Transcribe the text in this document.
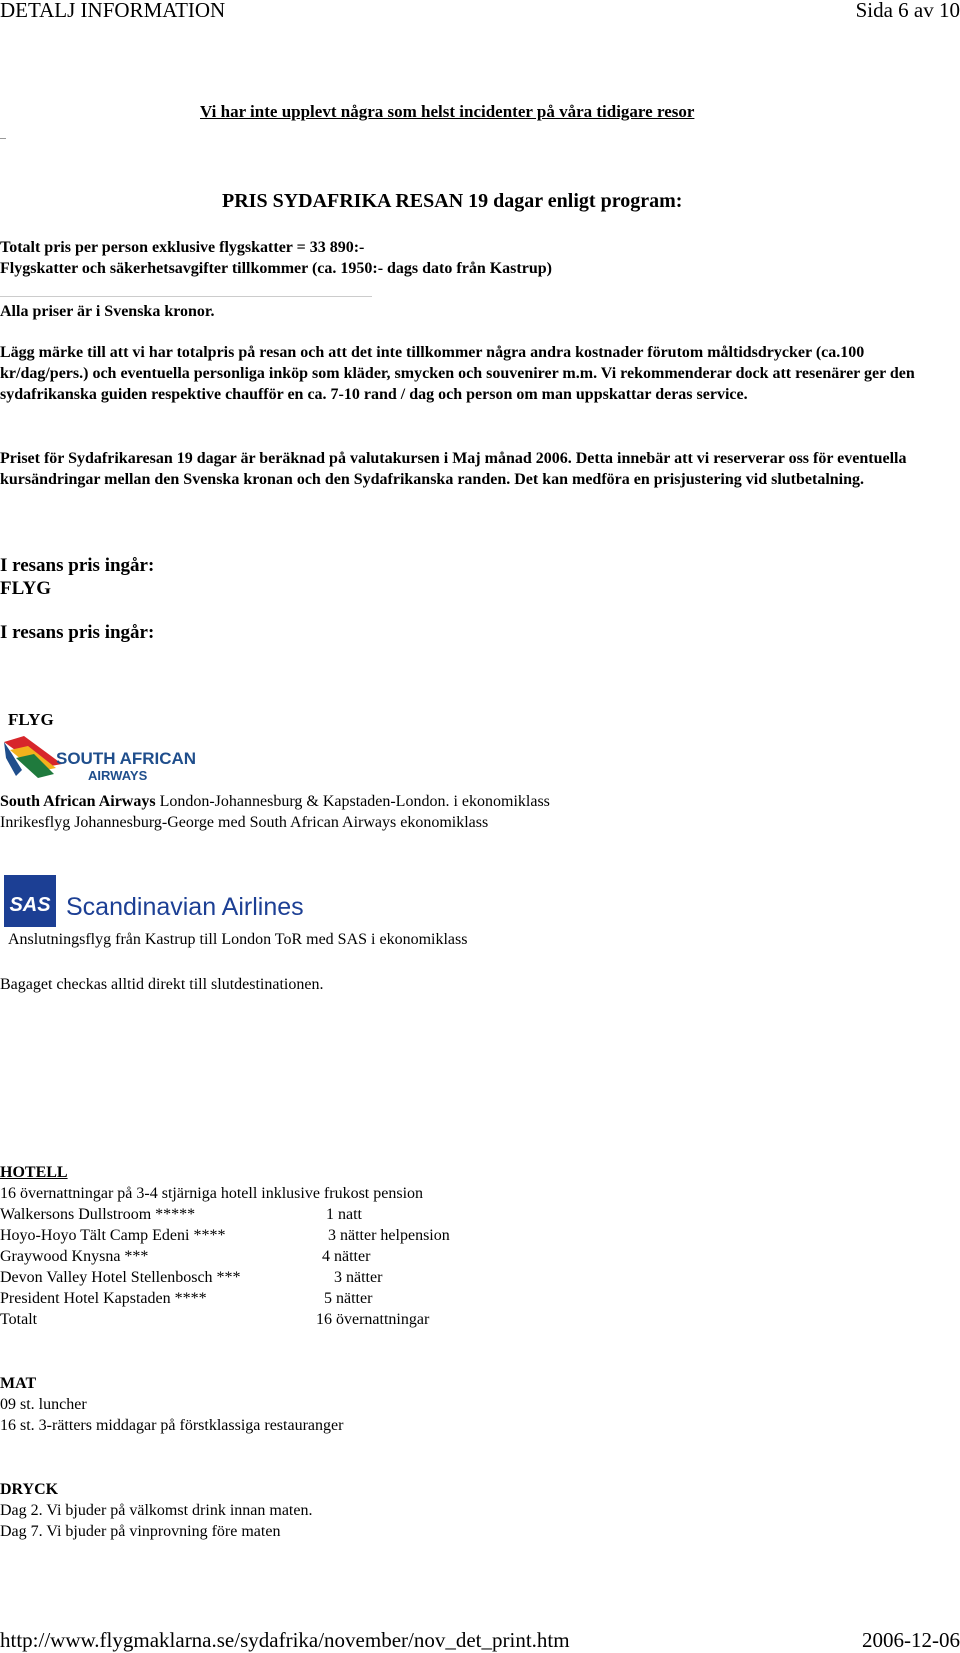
DETALJ INFORMATION	Sida 6 av 10
Vi har inte upplevt några som helst incidenter på våra tidigare resor
PRIS SYDAFRIKA RESAN 19 dagar enligt program:
Totalt pris per person exklusive flygskatter = 33 890:-
Flygskatter och säkerhetsavgifter tillkommer (ca. 1950:- dags dato från Kastrup)
Alla priser är i Svenska kronor.
Lägg märke till att vi har totalpris på resan och att det inte tillkommer några andra kostnader förutom måltidsdrycker (ca.100 kr/dag/pers.) och eventuella personliga inköp som kläder, smycken och souvenirer m.m. Vi rekommenderar dock att resenärer ger den sydafrikanska guiden respektive chaufför en ca. 7-10 rand / dag och person om man uppskattar deras service.
Priset för Sydafrikaresan 19 dagar är beräknad på valutakursen i Maj månad 2006. Detta innebär att vi reserverar oss för eventuella kursändringar mellan den Svenska kronan och den Sydafrikanska randen. Det kan medföra en prisjustering vid slutbetalning.
I resans pris ingår:
FLYG
I resans pris ingår:
FLYG
SOUTH AFRICAN
AIRWAYS
South African Airways London-Johannesburg & Kapstaden-London. i ekonomiklass
Inrikesflyg Johannesburg-George med South African Airways ekonomiklass
SAS Scandinavian Airlines
Anslutningsflyg från Kastrup till London ToR med SAS i ekonomiklass
Bagaget checkas alltid direkt till slutdestinationen.
HOTELL
16 övernattningar på 3-4 stjärniga hotell inklusive frukost pension
Walkersons Dullstroom *****	1 natt
Hoyo-Hoyo Tält Camp Edeni ****	3 nätter helpension
Graywood Knysna ***	4 nätter
Devon Valley Hotel Stellenbosch ***	3 nätter
President Hotel Kapstaden ****	5 nätter
Totalt	16 övernattningar
MAT
09 st. luncher
16 st. 3-rätters middagar på förstklassiga restauranger
DRYCK
Dag 2. Vi bjuder på välkomst drink innan maten.
Dag 7. Vi bjuder på vinprovning före maten
http://www.flygmaklarna.se/sydafrika/november/nov_det_print.htm	2006-12-06
